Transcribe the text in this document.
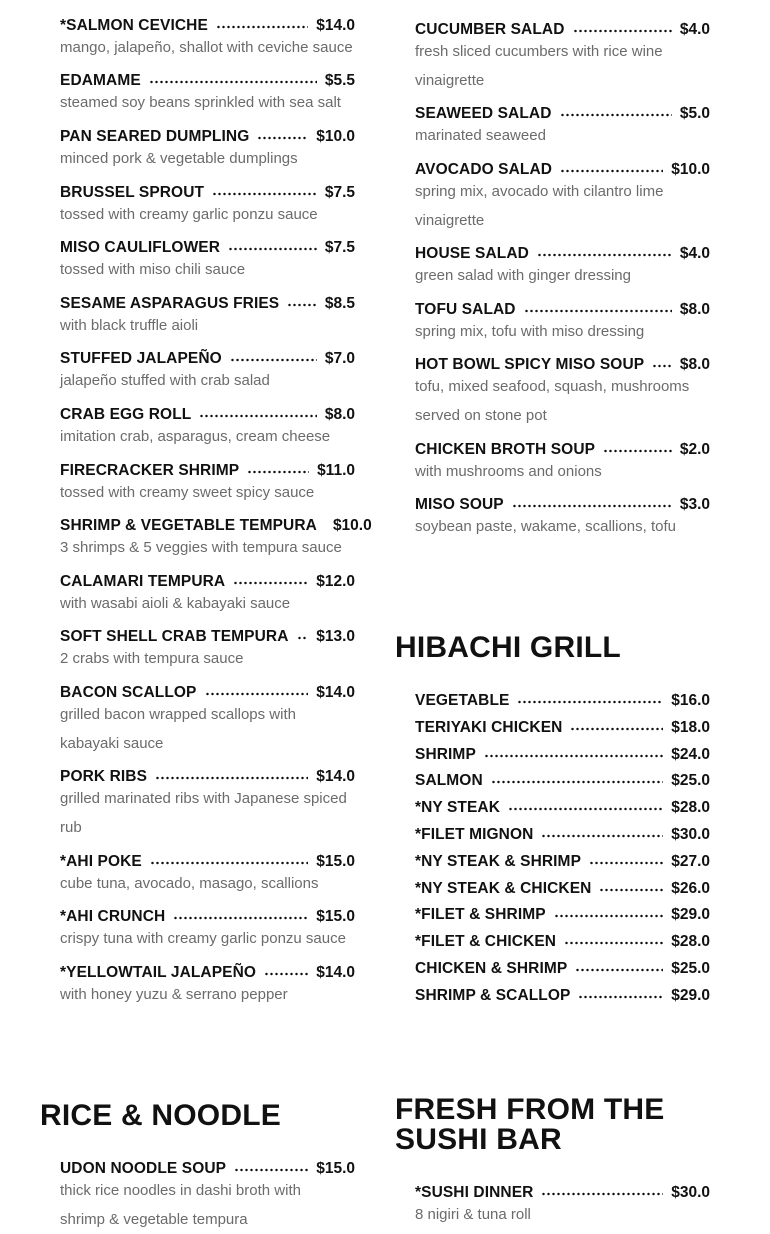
HIBACHI GRILL
RICE & NOODLE	FRESH FROM THE
SUSHI BAR
*SALMON CEVICHE	$14.0
mango, jalapeño, shallot with ceviche sauce
EDAMAME	$5.5
steamed soy beans sprinkled with sea salt
PAN SEARED DUMPLING	$10.0
minced pork & vegetable dumplings
BRUSSEL SPROUT	$7.5
tossed with creamy garlic ponzu sauce
MISO CAULIFLOWER	$7.5
tossed with miso chili sauce
SESAME ASPARAGUS FRIES	$8.5
with black truffle aioli
STUFFED JALAPEÑO	$7.0
jalapeño stuffed with crab salad
CRAB EGG ROLL	$8.0
imitation crab, asparagus, cream cheese
FIRECRACKER SHRIMP	$11.0
tossed with creamy sweet spicy sauce
SHRIMP & VEGETABLE TEMPURA $10.0
3 shrimps & 5 veggies with tempura sauce
CALAMARI TEMPURA	$12.0
with wasabi aioli & kabayaki sauce
SOFT SHELL CRAB TEMPURA $13.0
2 crabs with tempura sauce
BACON SCALLOP	$14.0
grilled bacon wrapped scallops with
kabayaki sauce
PORK RIBS	$14.0
grilled marinated ribs with Japanese spiced
rub
*AHI POKE	$15.0
cube tuna, avocado, masago, scallions
*AHI CRUNCH	$15.0
crispy tuna with creamy garlic ponzu sauce
*YELLOWTAIL JALAPEÑO	$14.0
with honey yuzu & serrano pepper
CUCUMBER SALAD	$4.0
fresh sliced cucumbers with rice wine
vinaigrette
SEAWEED SALAD	$5.0
marinated seaweed
AVOCADO SALAD	$10.0
spring mix, avocado with cilantro lime
vinaigrette
HOUSE SALAD	$4.0
green salad with ginger dressing
TOFU SALAD	$8.0
spring mix, tofu with miso dressing
HOT BOWL SPICY MISO SOUP $8.0
tofu, mixed seafood, squash, mushrooms
served on stone pot
CHICKEN BROTH SOUP	$2.0
with mushrooms and onions
MISO SOUP	$3.0
soybean paste, wakame, scallions, tofu
VEGETABLE	$16.0
TERIYAKI CHICKEN	$18.0
SHRIMP	$24.0
SALMON	$25.0
*NY STEAK	$28.0
*FILET MIGNON	$30.0
*NY STEAK & SHRIMP	$27.0
*NY STEAK & CHICKEN	$26.0
*FILET & SHRIMP	$29.0
*FILET & CHICKEN	$28.0
CHICKEN & SHRIMP	$25.0
SHRIMP & SCALLOP	$29.0
UDON NOODLE SOUP	$15.0
thick rice noodles in dashi broth with
shrimp & vegetable tempura
*SUSHI DINNER	$30.0
8 nigiri & tuna roll
